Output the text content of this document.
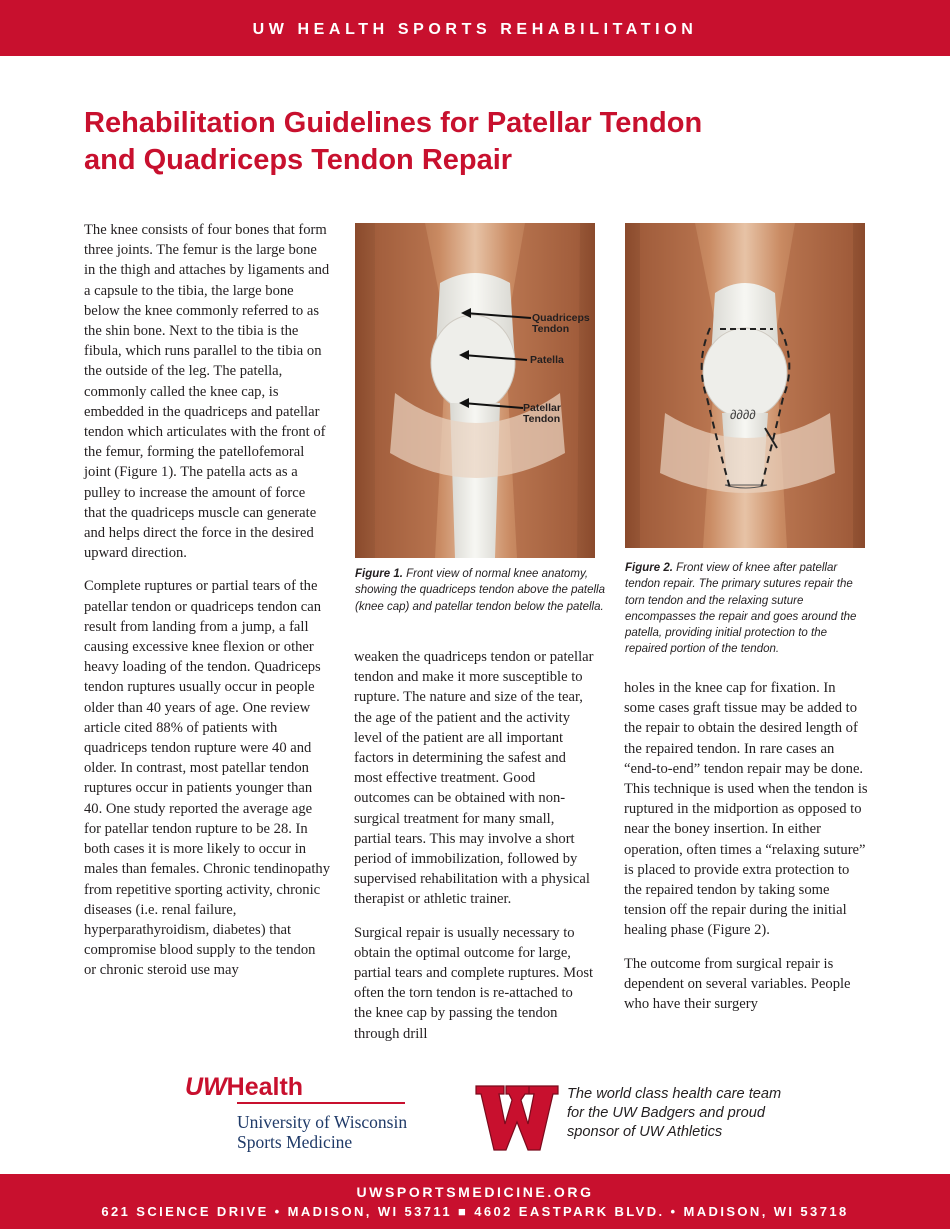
UW HEALTH SPORTS REHABILITATION
Rehabilitation Guidelines for Patellar Tendon
and Quadriceps Tendon Repair

The knee consists of four bones that form three joints. The femur is the large bone in the thigh and attaches by ligaments and a capsule to the tibia, the large bone below the knee commonly referred to as the shin bone. Next to the tibia is the fibula, which runs parallel to the tibia on the outside of the leg. The patella, commonly called the knee cap, is embedded in the quadriceps and patellar tendon which articulates with the front of the femur, forming the patellofemoral joint (Figure 1). The patella acts as a pulley to increase the amount of force that the quadriceps muscle can generate and helps direct the force in the desired upward direction.

Complete ruptures or partial tears of the patellar tendon or quadriceps tendon can result from landing from a jump, a fall causing excessive knee flexion or other heavy loading of the tendon. Quadriceps tendon ruptures usually occur in people older than 40 years of age. One review article cited 88% of patients with quadriceps tendon rupture were 40 and older. In contrast, most patellar tendon ruptures occur in patients younger than 40. One study reported the average age for patellar tendon rupture to be 28. In both cases it is more likely to occur in males than females. Chronic tendinopathy from repetitive sporting activity, chronic diseases (i.e. renal failure, hyperparathyroidism, diabetes) that compromise blood supply to the tendon or chronic steroid use may

Quadriceps
Tendon
Patella
Patellar
Tendon
Figure 1. Front view of normal knee anatomy, showing the quadriceps tendon above the patella (knee cap) and patellar tendon below the patella.
∂∂∂∂
Figure 2. Front view of knee after patellar tendon repair. The primary sutures repair the torn tendon and the relaxing suture encompasses the repair and goes around the patella, providing initial protection to the repaired portion of the tendon.

weaken the quadriceps tendon or patellar tendon and make it more susceptible to rupture. The nature and size of the tear, the age of the patient and the activity level of the patient are all important factors in determining the safest and most effective treatment. Good outcomes can be obtained with non-surgical treatment for many small, partial tears. This may involve a short period of immobilization, followed by supervised rehabilitation with a physical therapist or athletic trainer.

Surgical repair is usually necessary to obtain the optimal outcome for large, partial tears and complete ruptures. Most often the torn tendon is re-attached to the knee cap by passing the tendon through drill

holes in the knee cap for fixation. In some cases graft tissue may be added to the repair to obtain the desired length of the repaired tendon. In rare cases an “end-to-end” tendon repair may be done. This technique is used when the tendon is ruptured in the midportion as opposed to near the boney insertion. In either operation, often times a “relaxing suture” is placed to provide extra protection to the repaired tendon by taking some tension off the repair during the initial healing phase (Figure 2).

The outcome from surgical repair is dependent on several variables. People who have their surgery

UWHealth
University of Wisconsin
Sports Medicine
The world class health care team
for the UW Badgers and proud
sponsor of UW Athletics
UWSPORTSMEDICINE.ORG
621 SCIENCE DRIVE • MADISON, WI 53711 ■ 4602 EASTPARK BLVD. • MADISON, WI 53718
